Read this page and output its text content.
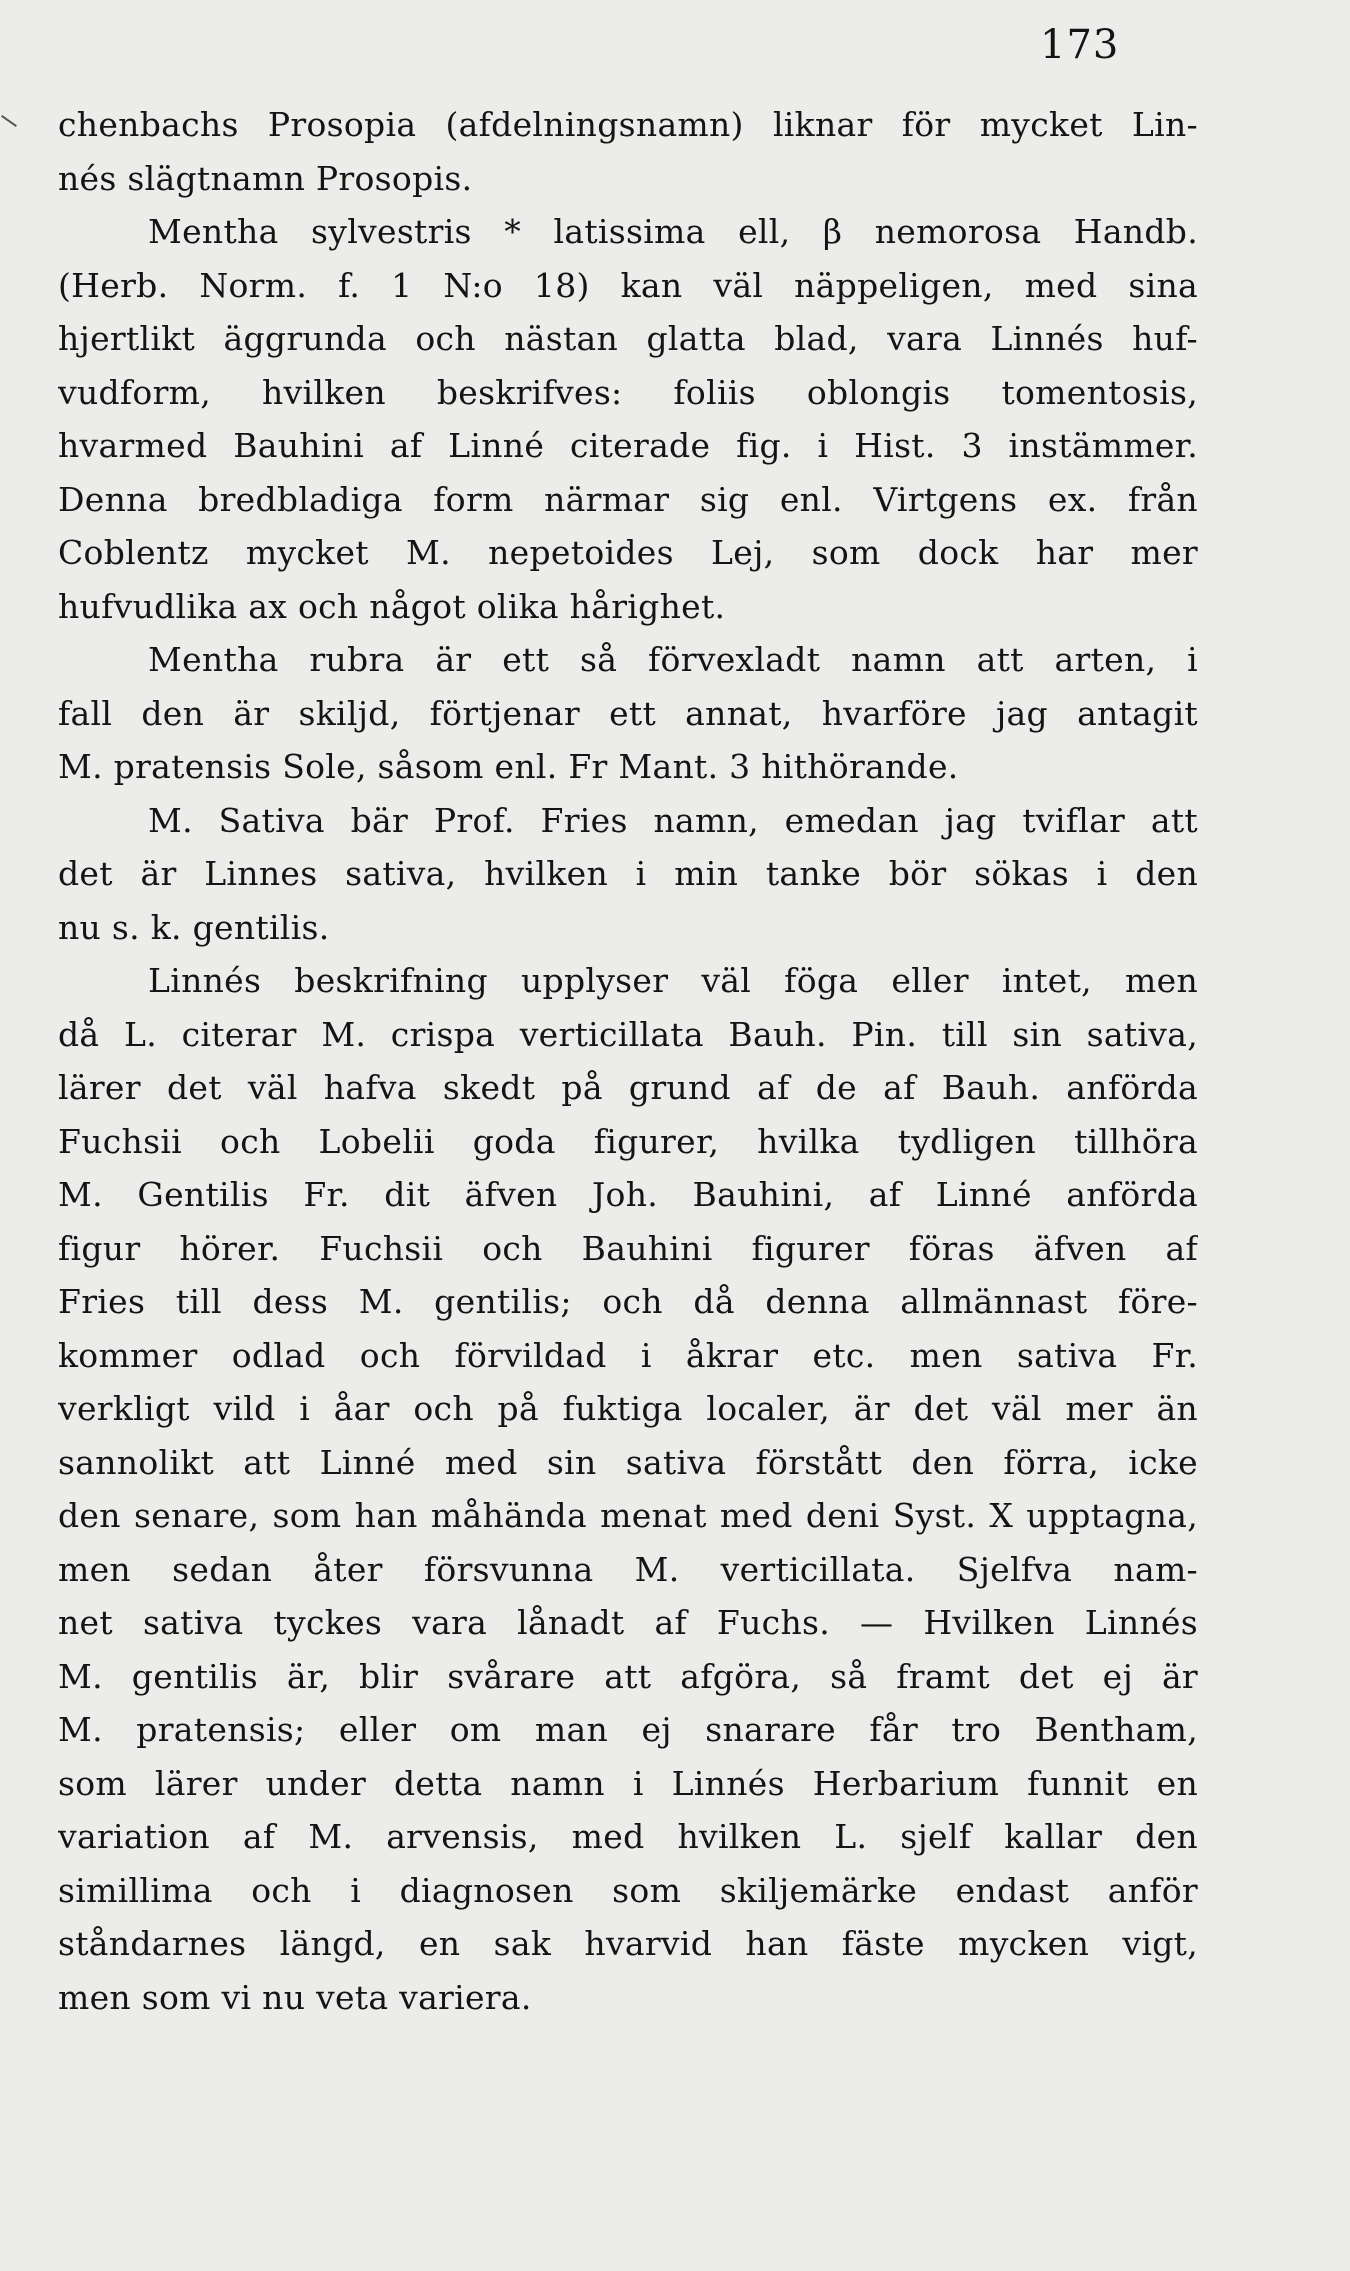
173
chenbachs Prosopia (afdelningsnamn) liknar för mycket Lin-
nés slägtnamn Prosopis.
Mentha sylvestris * latissima ell, β nemorosa Handb.
(Herb. Norm. f. 1 N:o 18) kan väl näppeligen, med sina
hjertlikt äggrunda och nästan glatta blad, vara Linnés huf-
vudform, hvilken beskrifves: foliis oblongis tomentosis,
hvarmed Bauhini af Linné citerade fig. i Hist. 3 instämmer.
Denna bredbladiga form närmar sig enl. Virtgens ex. från
Coblentz mycket M. nepetoides Lej, som dock har mer
hufvudlika ax och något olika hårighet.
Mentha rubra är ett så förvexladt namn att arten, i
fall den är skiljd, förtjenar ett annat, hvarföre jag antagit
M. pratensis Sole, såsom enl. Fr Mant. 3 hithörande.
M. Sativa bär Prof. Fries namn, emedan jag tviflar att
det är Linnes sativa, hvilken i min tanke bör sökas i den
nu s. k. gentilis.
Linnés beskrifning upplyser väl föga eller intet, men
då L. citerar M. crispa verticillata Bauh. Pin. till sin sativa,
lärer det väl hafva skedt på grund af de af Bauh. anförda
Fuchsii och Lobelii goda figurer, hvilka tydligen tillhöra
M. Gentilis Fr. dit äfven Joh. Bauhini, af Linné anförda
figur hörer. Fuchsii och Bauhini figurer föras äfven af
Fries till dess M. gentilis; och då denna allmännast före-
kommer odlad och förvildad i åkrar etc. men sativa Fr.
verkligt vild i åar och på fuktiga localer, är det väl mer än
sannolikt att Linné med sin sativa förstått den förra, icke
den senare, som han måhända menat med deni Syst. X upptagna,
men sedan åter försvunna M. verticillata. Sjelfva nam-
net sativa tyckes vara lånadt af Fuchs. — Hvilken Linnés
M. gentilis är, blir svårare att afgöra, så framt det ej är
M. pratensis; eller om man ej snarare får tro Bentham,
som lärer under detta namn i Linnés Herbarium funnit en
variation af M. arvensis, med hvilken L. sjelf kallar den
simillima och i diagnosen som skiljemärke endast anför
ståndarnes längd, en sak hvarvid han fäste mycken vigt,
men som vi nu veta variera.
